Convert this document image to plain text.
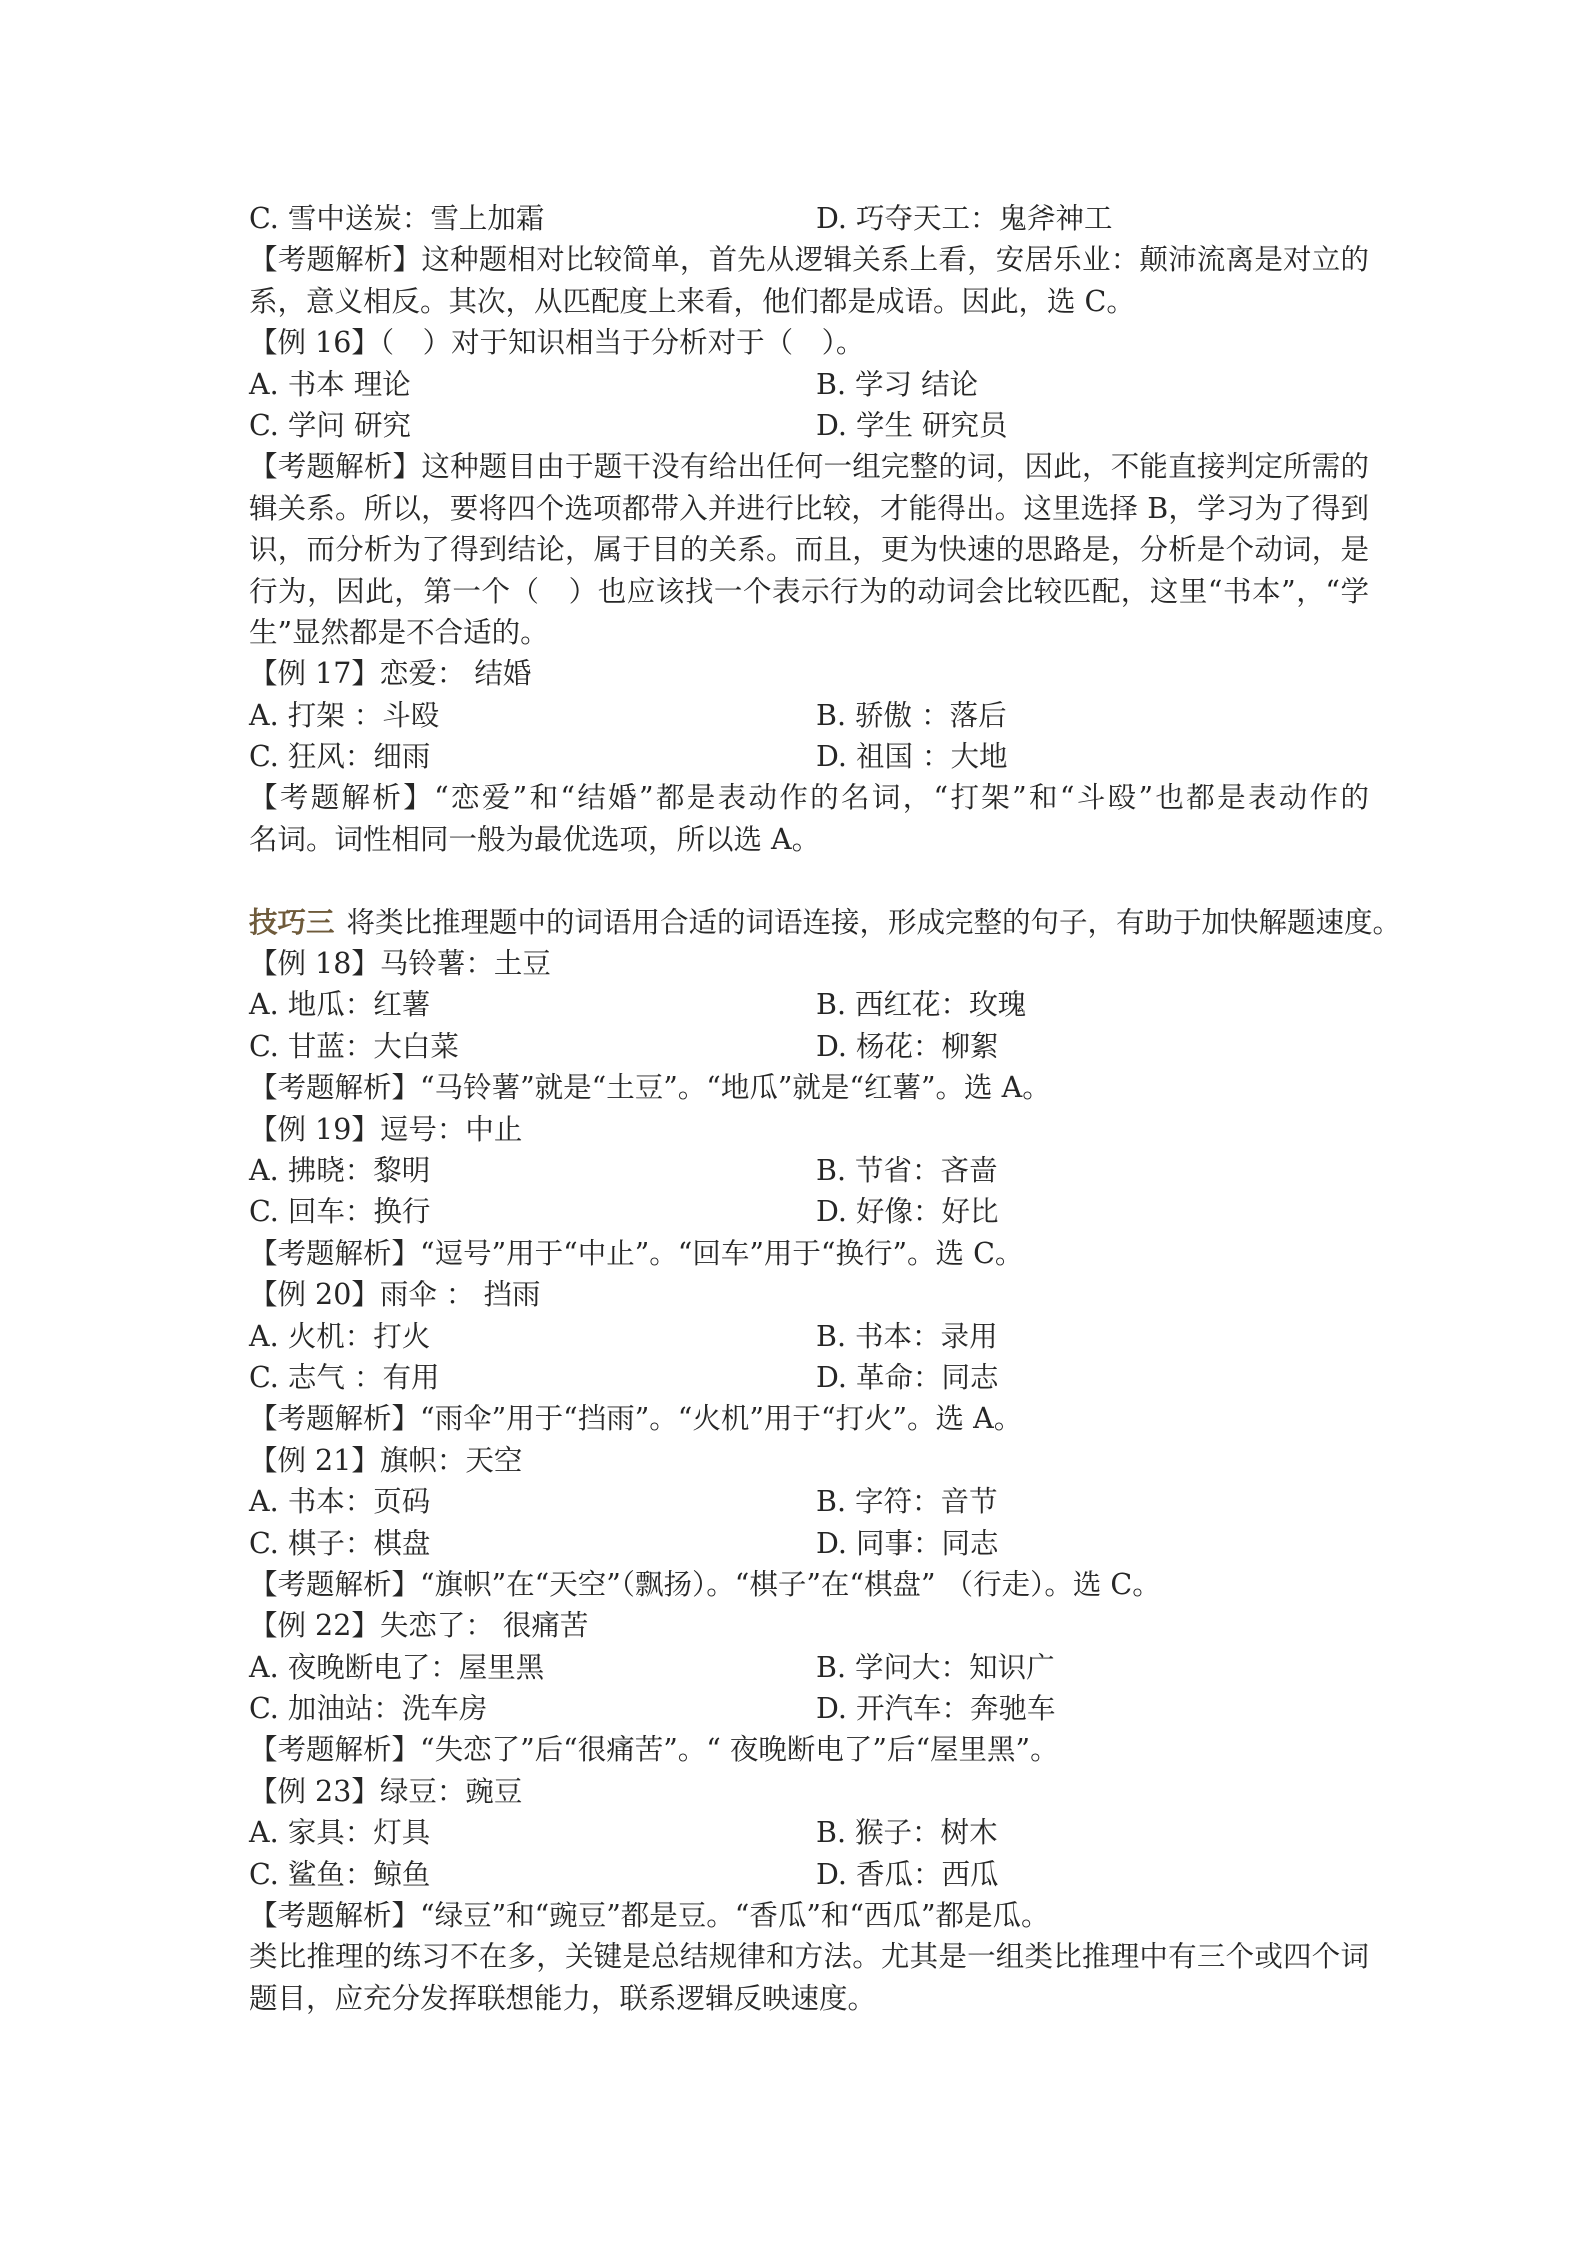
C. 雪中送炭：雪上加霜	D. 巧夺天工：鬼斧神工
【考题解析】这种题相对比较简单，首先从逻辑关系上看，安居乐业：颠沛流离是对立的
系，意义相反。其次，从匹配度上来看，他们都是成语。因此，选 C。
【例 16】（　）对于知识相当于分析对于（　）。
A. 书本 理论	B. 学习 结论
C. 学问 研究	D. 学生 研究员
【考题解析】这种题目由于题干没有给出任何一组完整的词，因此，不能直接判定所需的
辑关系。所以，要将四个选项都带入并进行比较，才能得出。这里选择 B，学习为了得到
识，而分析为了得到结论，属于目的关系。而且，更为快速的思路是，分析是个动词，是
行为，因此，第一个（　）也应该找一个表示行为的动词会比较匹配，这里“书本”，“学
生”显然都是不合适的。
【例 17】恋爱： 结婚
A. 打架 ：斗殴	B. 骄傲 ：落后
C. 狂风：细雨	D. 祖国 ：大地
【考题解析】“恋爱”和“结婚”都是表动作的名词，“打架”和“斗殴”也都是表动作的
名词。词性相同一般为最优选项，所以选 A。
技巧三 将类比推理题中的词语用合适的词语连接，形成完整的句子，有助于加快解题速度。
【例 18】马铃薯：土豆
A. 地瓜：红薯	B. 西红花：玫瑰
C. 甘蓝：大白菜	D. 杨花：柳絮
【考题解析】“马铃薯”就是“土豆”。“地瓜”就是“红薯”。选 A。
【例 19】逗号：中止
A. 拂晓：黎明	B. 节省：吝啬
C. 回车：换行	D. 好像：好比
【考题解析】“逗号”用于“中止”。“回车”用于“换行”。选 C。
【例 20】雨伞 ： 挡雨
A. 火机：打火	B. 书本：录用
C. 志气 ：有用	D. 革命：同志
【考题解析】“雨伞”用于“挡雨”。“火机”用于“打火”。选 A。
【例 21】旗帜：天空
A. 书本：页码	B. 字符：音节
C. 棋子：棋盘	D. 同事：同志
【考题解析】“旗帜”在“天空”（飘扬）。“棋子”在“棋盘” （行走）。选 C。
【例 22】失恋了： 很痛苦
A. 夜晚断电了：屋里黑	B. 学问大：知识广
C. 加油站：洗车房	D. 开汽车：奔驰车
【考题解析】“失恋了”后“很痛苦”。“ 夜晚断电了”后“屋里黑”。
【例 23】绿豆：豌豆
A. 家具：灯具	B. 猴子：树木
C. 鲨鱼：鲸鱼	D. 香瓜：西瓜
【考题解析】“绿豆”和“豌豆”都是豆。“香瓜”和“西瓜”都是瓜。
类比推理的练习不在多，关键是总结规律和方法。尤其是一组类比推理中有三个或四个词
题目，应充分发挥联想能力，联系逻辑反映速度。
